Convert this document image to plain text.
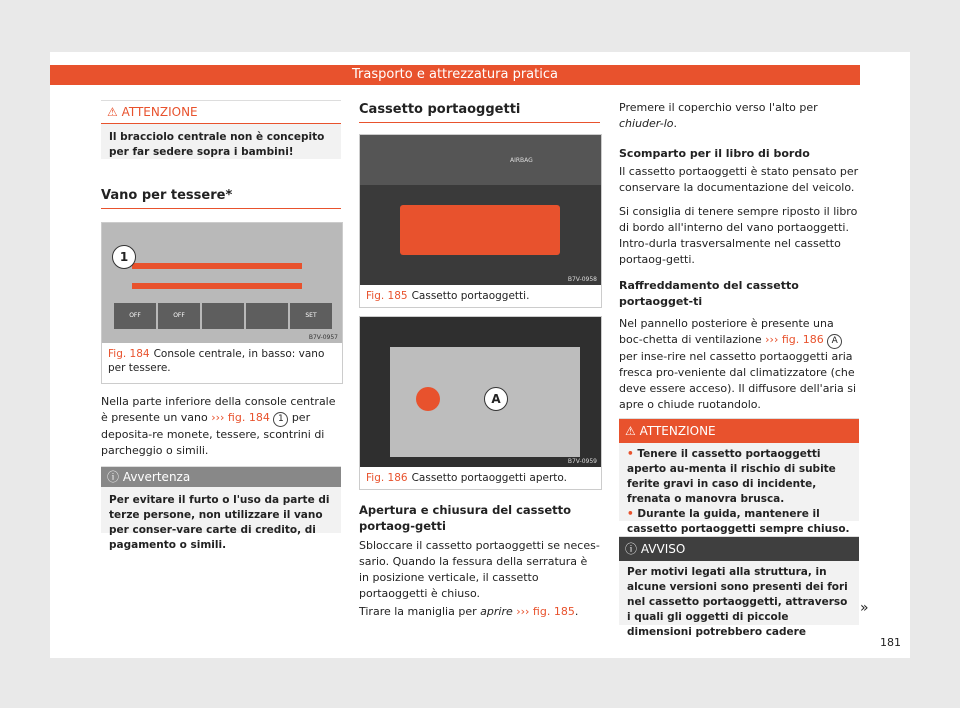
Trasporto e attrezzatura pratica
⚠ ATTENZIONE
Il bracciolo centrale non è concepito per far sedere sopra i bambini!
Vano per tessere*
1
OFF	OFF	SET
B7V-0957
Fig. 184 Console centrale, in basso: vano per tessere.
Nella parte inferiore della console centrale è presente un vano ››› fig. 184 1 per deposita-re monete, tessere, scontrini di parcheggio o simili.
ⓘ Avvertenza
Per evitare il furto o l'uso da parte di terze persone, non utilizzare il vano per conser-vare carte di credito, di pagamento o simili.
Cassetto portaoggetti
AIRBAG
B7V-0958
Fig. 185 Cassetto portaoggetti.
A
B7V-0959
Fig. 186 Cassetto portaoggetti aperto.
Apertura e chiusura del cassetto portaog-getti
Sbloccare il cassetto portaoggetti se neces-sario. Quando la fessura della serratura è in posizione verticale, il cassetto portaoggetti è chiuso.
Tirare la maniglia per aprire ››› fig. 185.
Premere il coperchio verso l'alto per chiuder-lo.
Scomparto per il libro di bordo
Il cassetto portaoggetti è stato pensato per conservare la documentazione del veicolo.
Si consiglia di tenere sempre riposto il libro di bordo all'interno del vano portaoggetti. Intro-durla trasversalmente nel cassetto portaog-getti.
Raffreddamento del cassetto portaogget-ti
Nel pannello posteriore è presente una boc-chetta di ventilazione ››› fig. 186 A per inse-rire nel cassetto portaoggetti aria fresca pro-veniente dal climatizzatore (che deve essere acceso). Il diffusore dell'aria si apre o chiude ruotandolo.
⚠ ATTENZIONE
• Tenere il cassetto portaoggetti aperto au-menta il rischio di subite ferite gravi in caso di incidente, frenata o manovra brusca.
• Durante la guida, mantenere il cassetto portaoggetti sempre chiuso.
ⓘ AVVISO
Per motivi legati alla struttura, in alcune versioni sono presenti dei fori nel cassetto portaoggetti, attraverso i quali gli oggetti di piccole dimensioni potrebbero cadere
»
181
